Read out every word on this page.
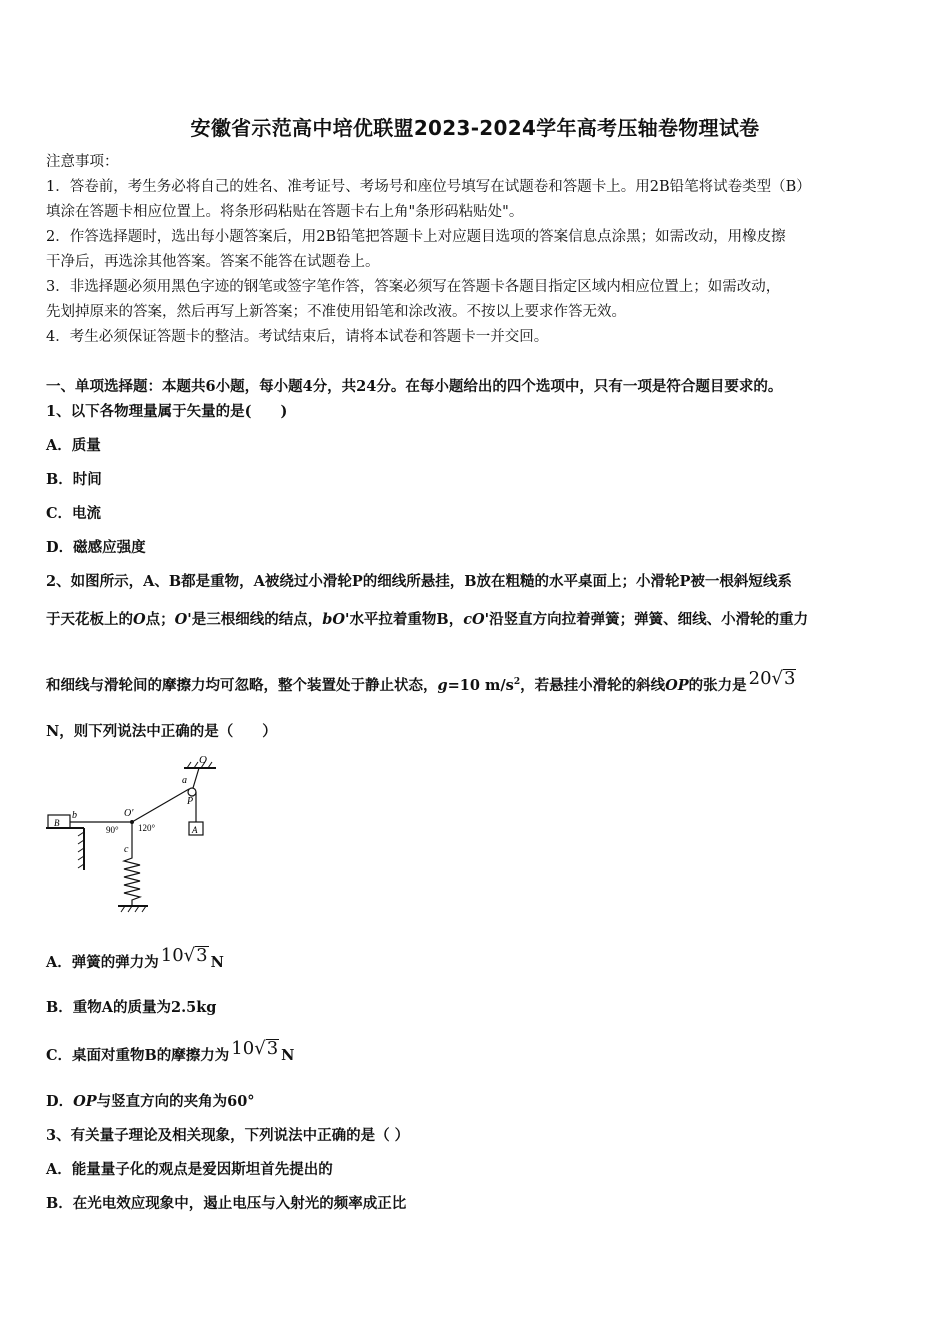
安徽省示范高中培优联盟2023-2024学年高考压轴卷物理试卷
注意事项：
1．答卷前，考生务必将自己的姓名、准考证号、考场号和座位号填写在试题卷和答题卡上。用2B铅笔将试卷类型（B）
填涂在答题卡相应位置上。将条形码粘贴在答题卡右上角"条形码粘贴处"。
2．作答选择题时，选出每小题答案后，用2B铅笔把答题卡上对应题目选项的答案信息点涂黑；如需改动，用橡皮擦
干净后，再选涂其他答案。答案不能答在试题卷上。
3．非选择题必须用黑色字迹的钢笔或签字笔作答，答案必须写在答题卡各题目指定区域内相应位置上；如需改动，
先划掉原来的答案，然后再写上新答案；不准使用铅笔和涂改液。不按以上要求作答无效。
4．考生必须保证答题卡的整洁。考试结束后，请将本试卷和答题卡一并交回。
一、单项选择题：本题共6小题，每小题4分，共24分。在每小题给出的四个选项中，只有一项是符合题目要求的。
1、以下各物理量属于矢量的是(　　)
A．质量
B．时间
C．电流
D．磁感应强度
2、如图所示，A、B都是重物，A被绕过小滑轮P的细线所悬挂，B放在粗糙的水平桌面上；小滑轮P被一根斜短线系
于天花板上的O点；O'是三根细线的结点，bO'水平拉着重物B，cO'沿竖直方向拉着弹簧；弹簧、细线、小滑轮的重力
和细线与滑轮间的摩擦力均可忽略，整个装置处于静止状态，g=10 $m/s^2$，若悬挂小滑轮的斜线OP的张力是 20√3
N，则下列说法中正确的是（　　）
O
a
P
A
B
b	O'
90° 120°
c
A．弹簧的弹力为 10√3 N
B．重物A的质量为2.5kg
C．桌面对重物B的摩擦力为 10√3 N
D．OP与竖直方向的夹角为60°
3、有关量子理论及相关现象，下列说法中正确的是（ ）
A．能量量子化的观点是爱因斯坦首先提出的
B．在光电效应现象中，遏止电压与入射光的频率成正比
